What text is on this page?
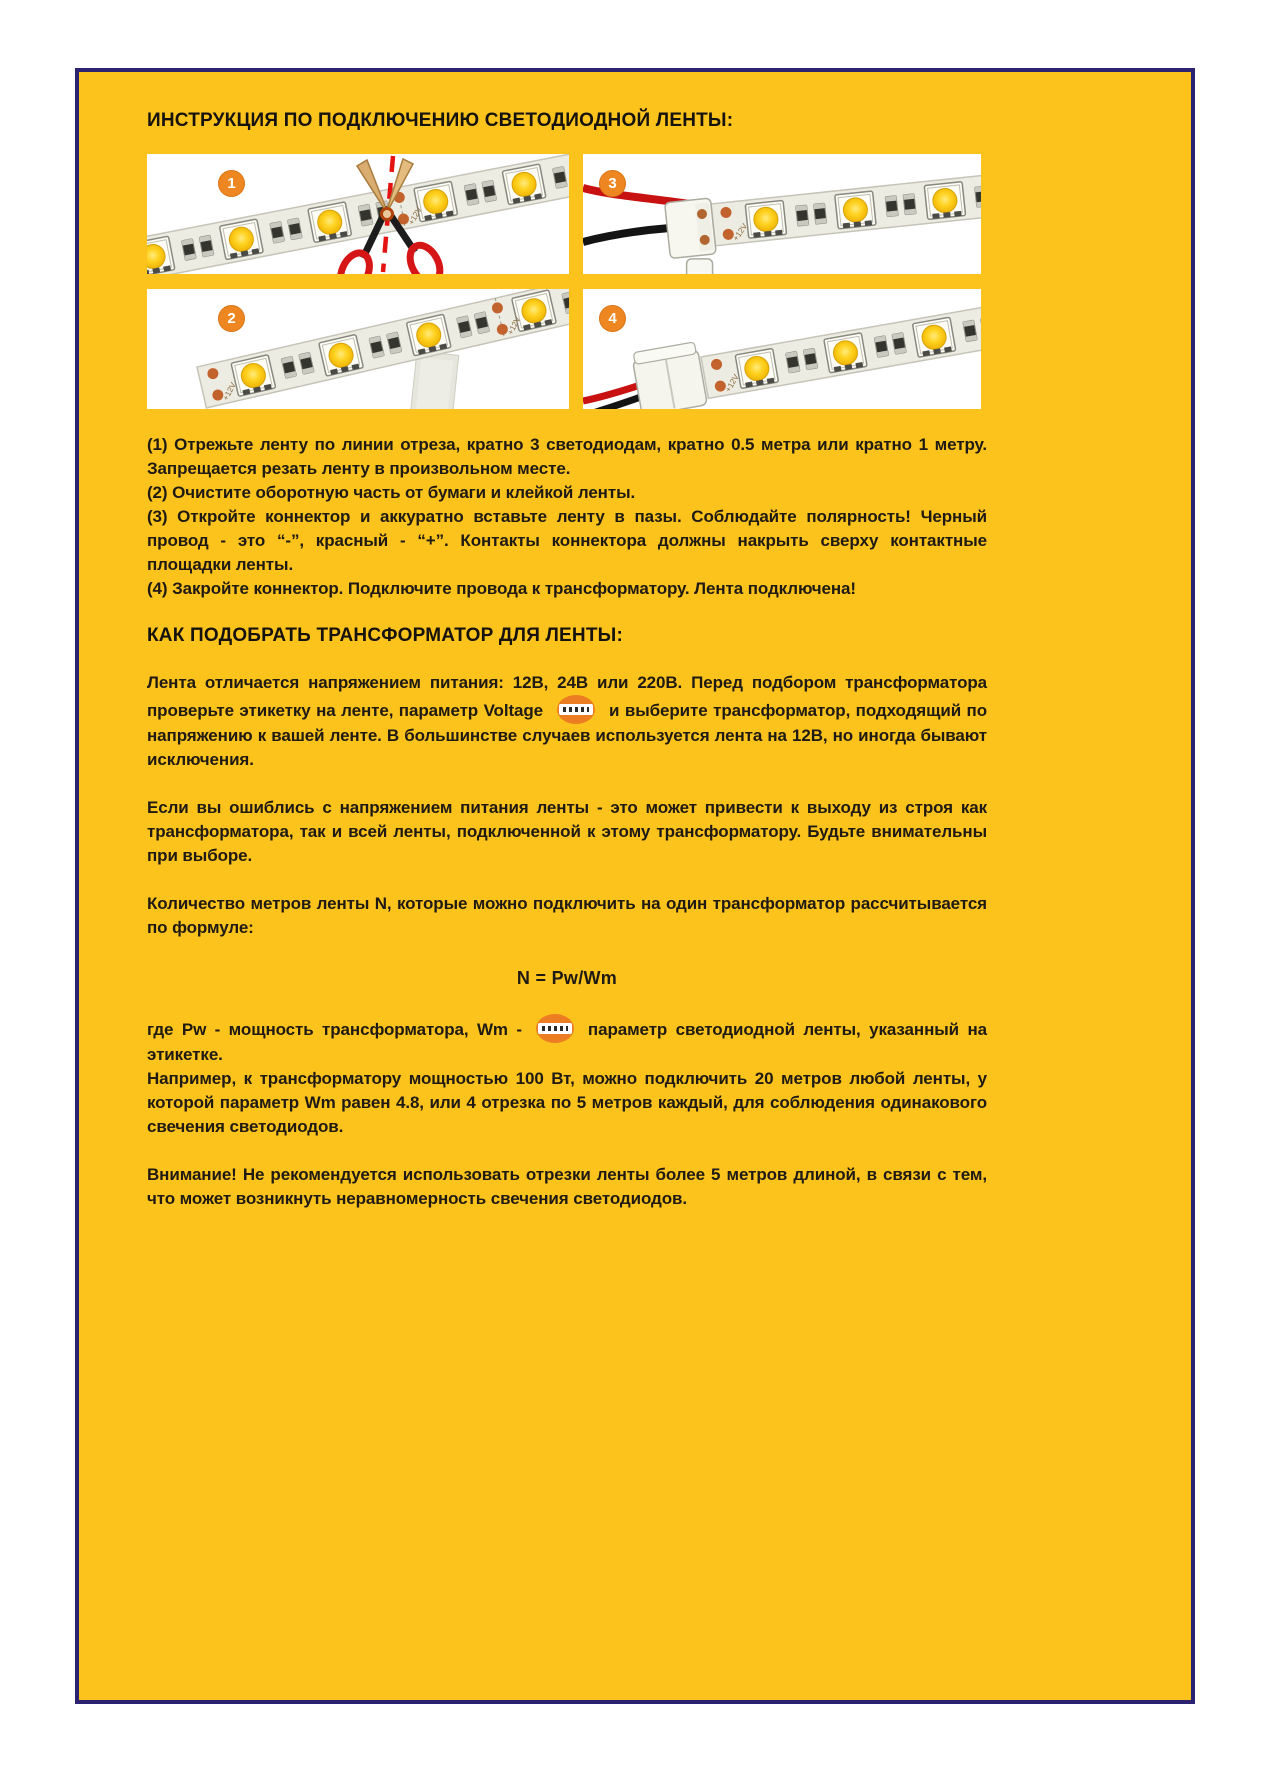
ИНСТРУКЦИЯ ПО ПОДКЛЮЧЕНИЮ СВЕТОДИОДНОЙ ЛЕНТЫ:
1	3
2	4

(1) Отрежьте ленту по линии отреза, кратно 3 светодиодам, кратно 0.5 метра или кратно 1 метру. Запрещается резать ленту в произвольном месте.

(2) Очистите оборотную часть от бумаги и клейкой ленты.

(3) Откройте коннектор и аккуратно вставьте ленту в пазы. Соблюдайте полярность! Черный провод - это “-”, красный - “+”. Контакты коннектора должны накрыть сверху контактные площадки ленты.

(4) Закройте коннектор. Подключите провода к трансформатору. Лента подключена!

КАК ПОДОБРАТЬ ТРАНСФОРМАТОР ДЛЯ ЛЕНТЫ:

Лента отличается напряжением питания: 12В, 24В или 220В. Перед подбором трансформатора проверьте этикетку на ленте, параметр Voltage	и выберите трансформатор, подходящий по напряжению к вашей ленте. В большинстве случаев используется лента на 12В, но иногда бывают исключения.

Если вы ошиблись с напряжением питания ленты - это может привести к выходу из строя как трансформатора, так и всей ленты, подключенной к этому трансформатору. Будьте внимательны при выборе.

Количество метров ленты N, которые можно подключить на один трансформатор рассчитывается по формуле:

N = Pw/Wm

где Pw - мощность трансформатора, Wm -	параметр светодиодной ленты, указанный на этикетке.

Например, к трансформатору мощностью 100 Вт, можно подключить 20 метров любой ленты, у которой параметр Wm равен 4.8, или 4 отрезка по 5 метров каждый, для соблюдения одинакового свечения светодиодов.

Внимание! Не рекомендуется использовать отрезки ленты более 5 метров длиной, в связи с тем, что может возникнуть неравномерность свечения светодиодов.
